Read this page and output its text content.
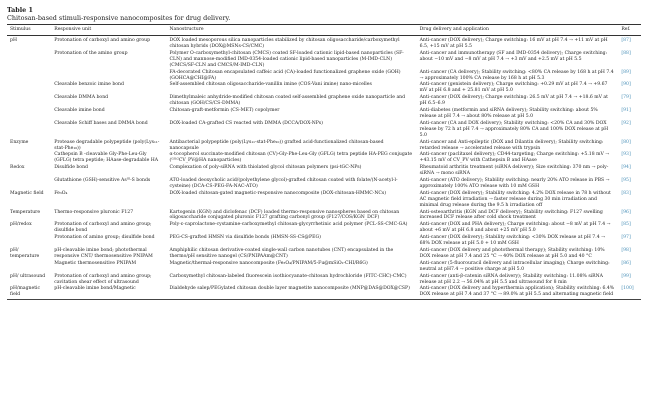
Table 1
Chitosan-based stimuli-responsive nanocomposites for drug delivery.
Stimulus	Responsive unit	Nanostructure	Drug delivery and application	Ref.
pH	Protonation of carboxyl and amino group	DOX loaded mesoporous silica nanoparticles stabilized by chitosan oligosaccharide/carboxymethyl chitosan hybrids (DOX@MSNs-CS/CMC)	Anti-cancer (DOX delivery); Charge switching: 16 mV at pH 7.4 → +11 mV at pH 6.5, +15 mV at pH 5.5	[87]
	Protonation of the amino group	Polymer O-carboxymethyl-chitosan (CMCS) coated SF-loaded cationic lipid-based nanoparticles (SF-CLN) and mannose-modified IMD-0354-loaded cationic lipid-based nanoparticles (M-IMD-CLN) (CMCS/SF-CLN and CMCS/M-IMD-CLN)	Anti-cancer and immunotherapy (SF and IMD-0354 delivery); Charge switching: about −10 mV and −8 mV at pH 7.4 → +3 mV and +2.5 mV at pH 5.5	[88]
		FA-decorated Chitosan encapsulated caffeic acid (CA)-loaded functionalized graphene oxide (GOH) (GOHCA@CHI@FA)	Anti-cancer (CA delivery); Stability switching: <80% CA release by 168 h at pH 7.4 → approximately 100% CA release by 168 h at pH 5.3	[89]
	Cleavable benzoic imine bond	Self-assembled chitosan oligosaccharide-vanillin imine (COS-Vani imine) nano-micelles	Anti-cancer (genistein delivery); Charge switching: +0.29 mV at pH 7.4 → +9.67 mV at pH 6.8 and + 25.81 mV at pH 5.0	[90]
	Cleavable DMMA bond	Dimethylmaleic anhydride-modified chitosan coated self-assembled graphene oxide nanoparticle and chitosan (GOH/CS/CS-DMMA)	Anti-cancer (DOX delivery); Charge switching: 26.5 mV at pH 7.4 → +18.6 mV at pH 6.5–6.9	[79]
	Cleavable imine bond	Chitosan-graft-metformin (CS-MET) copolymer	Anti-diabetes (metformin and siRNA delivery); Stability switching: about 5% release at pH 7.4 → about 80% release at pH 5.0	[91]
	Cleavable Schiff bases and DMMA bond	DOX-loaded CA-grafted CS reacted with DMMA (DCCA/DOX-NPs)	Anti-cancer (CA and DOX delivery); Stability switching: <20% CA and 30% DOX release by 72 h at pH 7.4 → approximately 80% CA and 100% DOX release at pH 5.0	[92]
Enzyme	Protease degradable polypeptide (poly(Lys₁₁-stat-Phe₁₀))	Antibacterial polypeptide (poly(Lys₁₁-stat-Phe₁₀)) grafted acid-functionalized chitosan-based nanocapsule	Anti-cancer and Anti-epileptic (DOX and Dilantin delivery); Stability switching: retarded release → accelerated release with trypsin	[80]
	Cathepsin B -cleavable Gly-Phe-Leu-Gly (GFLG) tetra peptide; HAase-degradable HA	α-tocopherol succinate-modified chitosan (CV)-Gly-Phe-Leu-Gly (GFLG) tetra peptide HA-PEG conjugate (ᴳᶠᴸᴳCV_PV@HA nanoparticles)	Anti-cancer (paclitaxel delivery); CD44-targeting; Charge switching: +5.18 mV → +43.15 mV of CV_PV with Cathepsin B and HAase	[93]
Redox	Disulfide bond	Complexation of poly-siRNA with thiolated glycol chitosan polymers (psi-tGC-NPs)	Rheumatoid arthritis treatment (siRNA delivery); Size switching: 370 nm → poly-siRNA → mono siRNA	[94]
	Glutathione (GSH)-sensitive Asᴵᴵᴵ-S bonds	ATO-loaded deoxycholic acid/(polyethylene glycol)-grafted chitosan coated with folate/(N-acetyl-l-cysteine) (DCA-CS-PEG-FA-NAC-ATO)	Anti-cancer (ATO delivery); Stability switching: nearly 20% ATO release in PBS → approximately 100% ATO release with 10 mM GSH	[95]
Magnetic field	Fe₃O₄	DOX-loaded chitosan-gated magnetic-responsive nanocomposite (DOX-chitosan-HMMC-NCs)	Anti-cancer (DOX delivery); Stability switching: 4.2% DOX release in 78 h without AC magnetic field irradiation → faster release during 30 min irradiation and minimal drug release during the 9.5 h irradiation off	[83]
Temperature	Thermo-responsive pluronic F127	Kartogenin (KGN) and diclofenac (DCF) loaded thermo-responsive nanospheres based on chitosan oligosaccharide conjugated pluronic F127 grafting carbonyl group (F127/COS/KGN_DCF)	Anti-osteoarthritis (KGN and DCF delivery); Stability switching: F127 swelling increased DCF release after cold shock treatment	[96]
pH/redox	Protonation of carboxyl and amino group; disulfide bond	Poly-ε-caprolactone-cystamine-carboxymethyl chitosan-glycyrrhetinic acid polymer (PCL-SS-CMC-GA)	Anti-cancer (DOX and PHA delivery); Charge switching: about −8 mV at pH 7.4 → about +6 mV at pH 6.8 and about +25 mV pH 5.0	[85]
	Protonation of amino group; disulfide bond	PEG-CS-grafted HMSN via disulfide bonds (HMSN-SS-CS@PEG)	Anti-cancer (DOX delivery); Stability switching: <30% DOX release at pH 7.4 → 68% DOX release at pH 5.0 + 10 mM GSH	[97]
pH/ temperature	pH-cleavable imine bond; photothermal responsive CNT/ thermosensitive PNIPAM	Amphiphilic chitosan derivative-coated single-wall carbon nanotubes (CNT) encapsulated in the thermo/pH sensitive nanogel (CS/PNIPAAm@CNT)	Anti-cancer (DOX delivery and photothermal therapy); Stability switching: 10% DOX release at pH 7.4 and 25 °C → 40% DOX release at pH 5.0 and 40 °C	[98]
	Magnetic thermosensitive PNIPAM	Magnetic/thermal-responsive nanocomposite (Fe₃O₄/PNIPAM/5-Fu@mSiO₂-CHI/R6G)	Anti-cancer (5-fluorouracil delivery and intracellular imaging); Charge switching: neutral at pH7.4 → positive charge at pH 5.0	[86]
pH/ ultrasound	Protonation of carboxyl and amino group; cavitation shear effect of ultrasound	Carboxymethyl chitosan-labeled fluorescein isothiocyanate-chitosan hydrochloride (FITC-CHC)-CMC)	Anti-cancer (anti-β-catenin siRNA delivery); Stability switching: 11.08% siRNA release at pH 2.2 → 56.04% at pH 5.5 and ultrasound for 8 min	[99]
pH/magnetic field	pH-cleavable imine bond/Magnetic	Dialdehyde salep/PEGylated chitosan double layer magnetite nanocomposite (MNP@DAS@DOX@CSP)	Anti-cancer (DOX delivery and hyperthermia application); Stability switching: 6.4% DOX release at pH 7.4 and 37 °C → 89.0% at pH 5.5 and alternating magnetic field	[100]
